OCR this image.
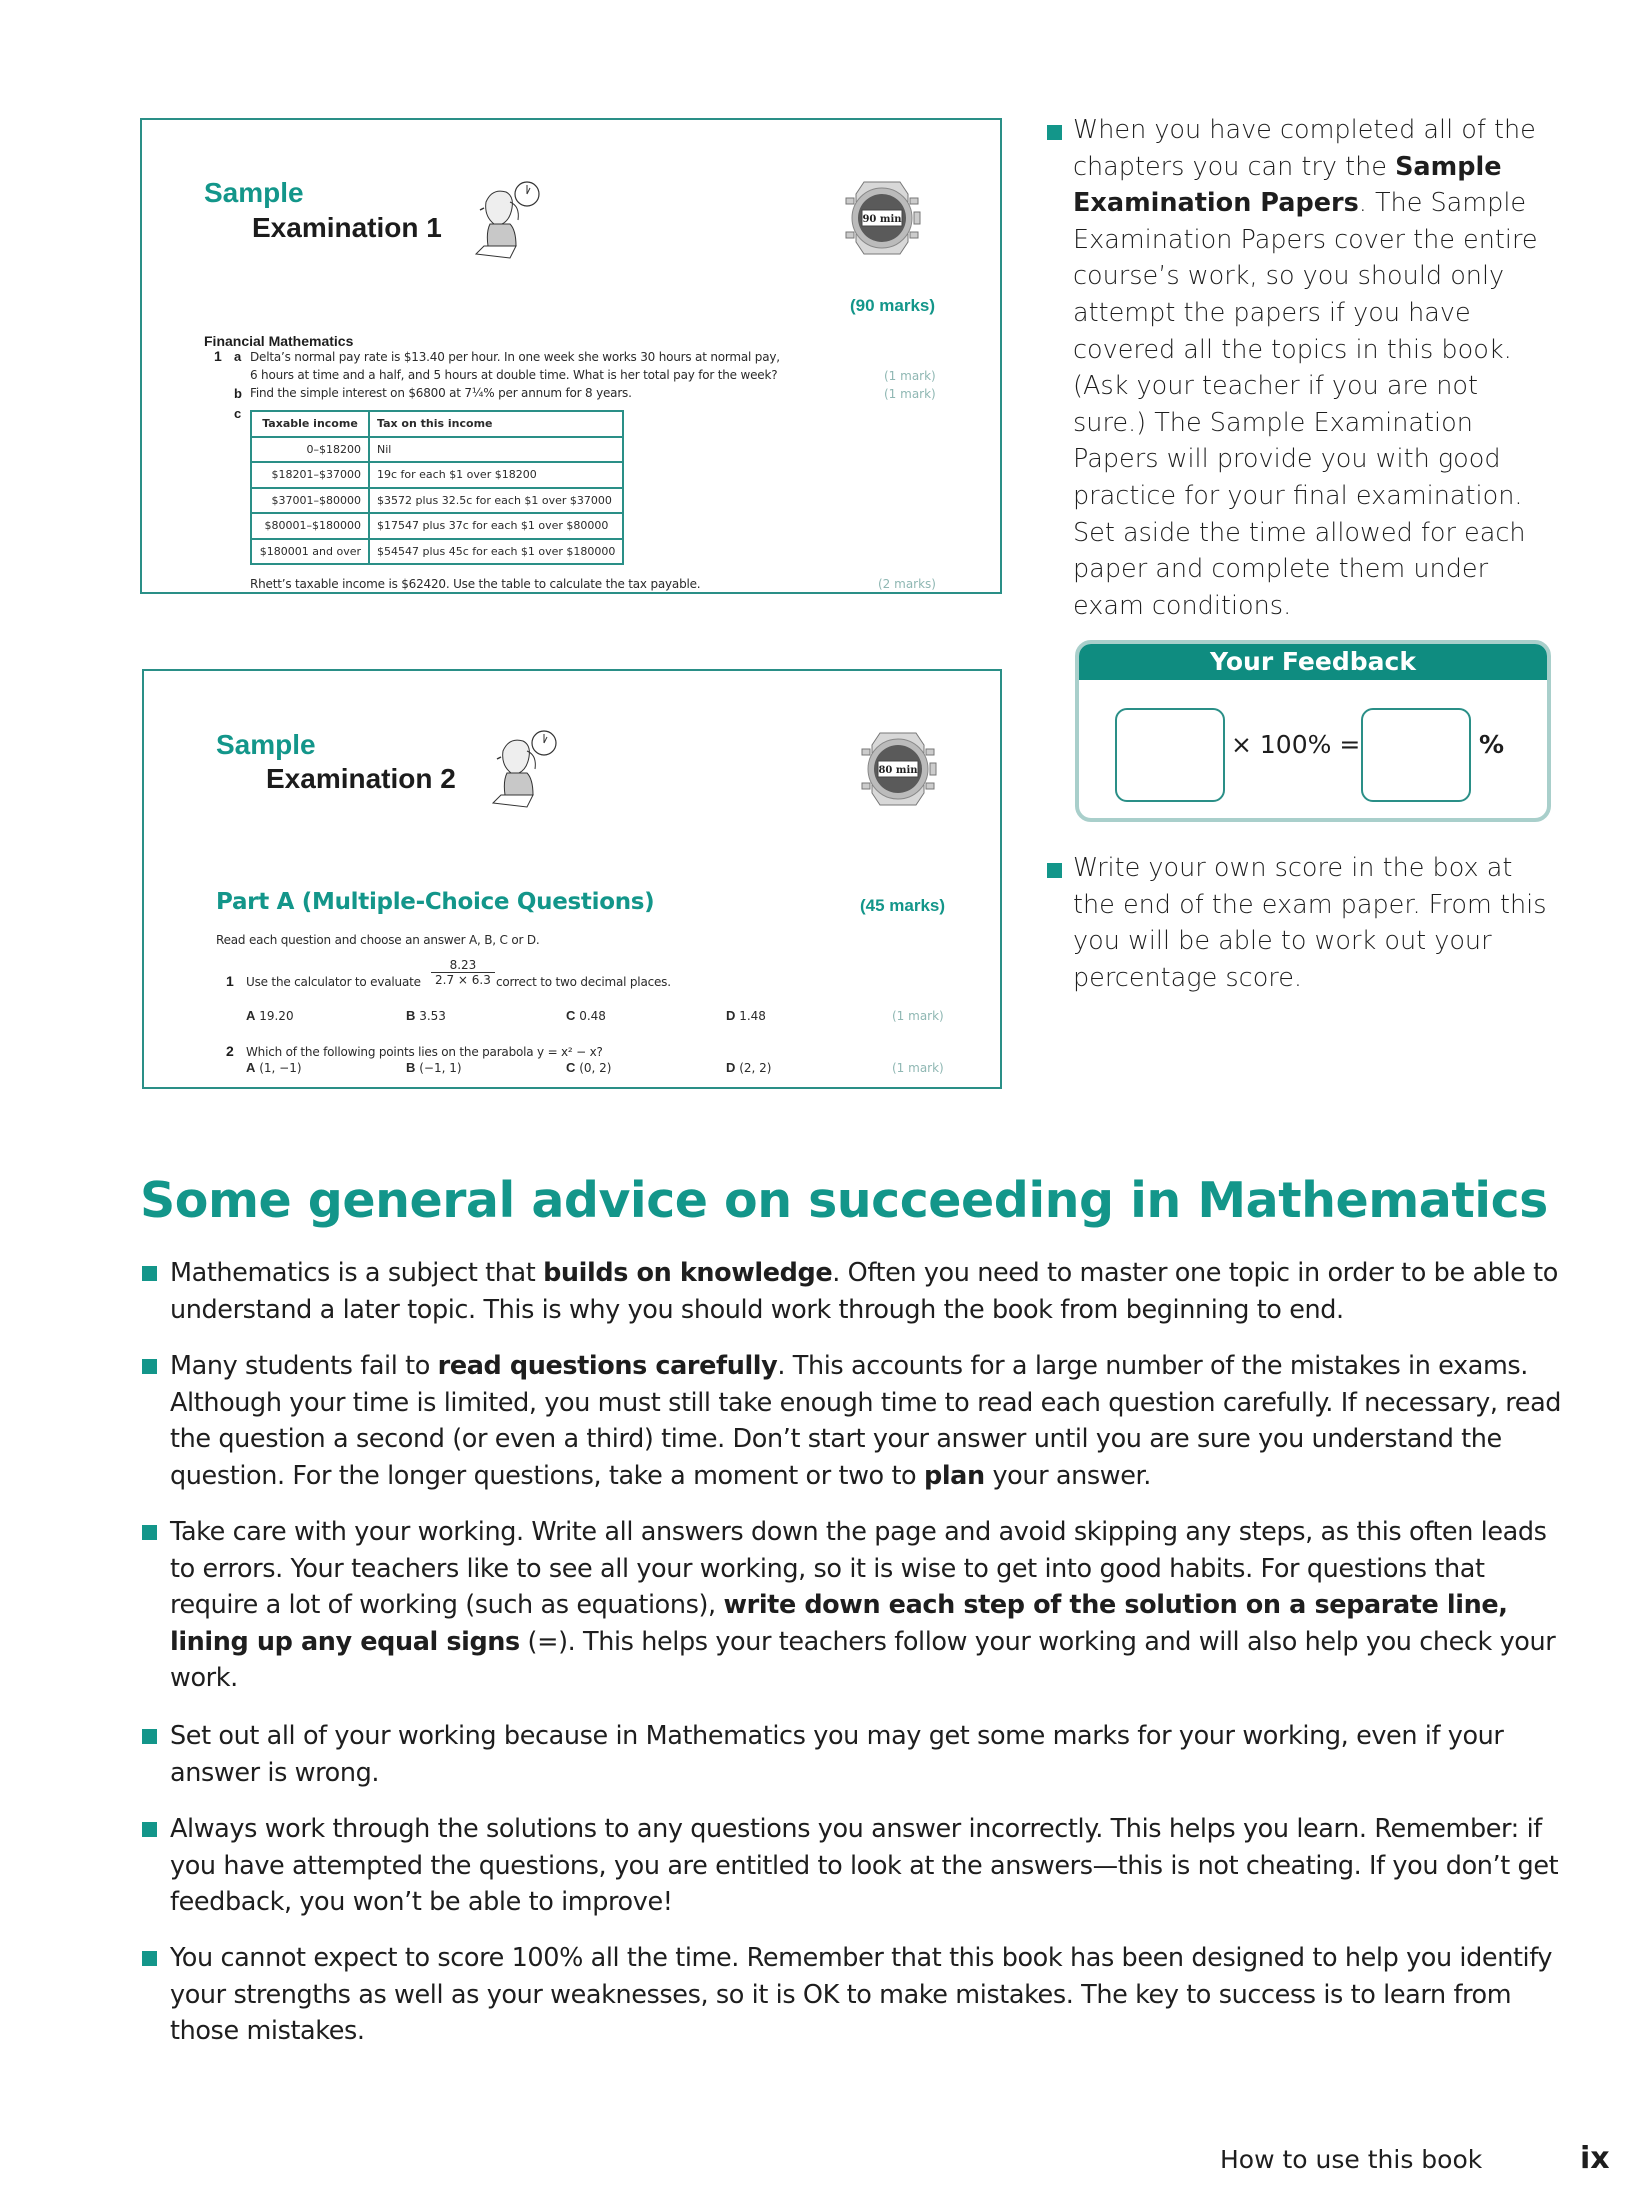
Sample
Examination 1	90 min
(90 marks)
Financial Mathematics
1 a Delta’s normal pay rate is $13.40 per hour. In one week she works 30 hours at normal pay,
6 hours at time and a half, and 5 hours at double time. What is her total pay for the week?	(1 mark)
b Find the simple interest on $6800 at 7¼% per annum for 8 years.	(1 mark)
c
Taxable income	Tax on this income
0–$18200	Nil
$18201–$37000	19c for each $1 over $18200
$37001–$80000	$3572 plus 32.5c for each $1 over $37000
$80001–$180000	$17547 plus 37c for each $1 over $80000
$180001 and over	$54547 plus 45c for each $1 over $180000
Rhett’s taxable income is $62420. Use the table to calculate the tax payable.	(2 marks)
Sample
Examination 2	80 min
Part A (Multiple-Choice Questions)	(45 marks)
Read each question and choose an answer A, B, C or D.
1 Use the calculator to evaluate $\frac{8.23}{2.7 \times 6.3}$ correct to two decimal places.
A 19.20	B 3.53	C 0.48	D 1.48	(1 mark)
2 Which of the following points lies on the parabola y = x² − x?
A (1, −1)	B (−1, 1)	C (0, 2)	D (2, 2)	(1 mark)

When you have completed all of the chapters you can try the Sample Examination Papers. The Sample Examination Papers cover the entire course’s work, so you should only attempt the papers if you have covered all the topics in this book. (Ask your teacher if you are not sure.) The Sample Examination Papers will provide you with good practice for your final examination. Set aside the time allowed for each paper and complete them under exam conditions.

Your Feedback
× 100% =	%

Write your own score in the box at the end of the exam paper. From this you will be able to work out your percentage score.

Some general advice on succeeding in Mathematics

Mathematics is a subject that builds on knowledge. Often you need to master one topic in order to be able to understand a later topic. This is why you should work through the book from beginning to end.

Many students fail to read questions carefully. This accounts for a large number of the mistakes in exams. Although your time is limited, you must still take enough time to read each question carefully. If necessary, read the question a second (or even a third) time. Don’t start your answer until you are sure you understand the question. For the longer questions, take a moment or two to plan your answer.

Take care with your working. Write all answers down the page and avoid skipping any steps, as this often leads to errors. Your teachers like to see all your working, so it is wise to get into good habits. For questions that require a lot of working (such as equations), write down each step of the solution on a separate line, lining up any equal signs (=). This helps your teachers follow your working and will also help you check your work.

Set out all of your working because in Mathematics you may get some marks for your working, even if your answer is wrong.

Always work through the solutions to any questions you answer incorrectly. This helps you learn. Remember: if you have attempted the questions, you are entitled to look at the answers—this is not cheating. If you don’t get feedback, you won’t be able to improve!

You cannot expect to score 100% all the time. Remember that this book has been designed to help you identify your strengths as well as your weaknesses, so it is OK to make mistakes. The key to success is to learn from those mistakes.

How to use this book	ix
